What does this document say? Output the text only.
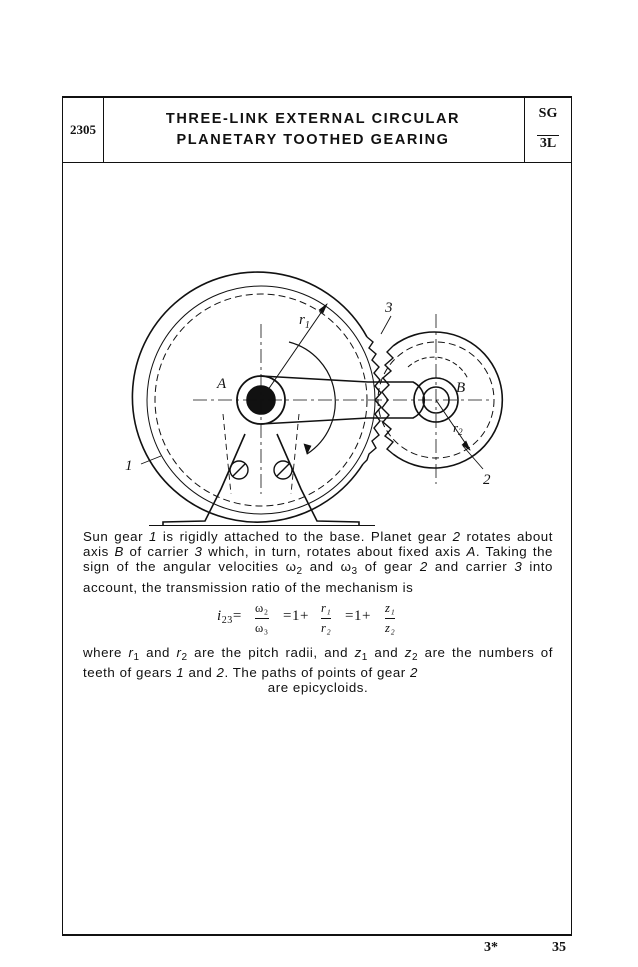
2305
THREE-LINK EXTERNAL CIRCULAR
PLANETARY TOOTHED GEARING
SG
3L
$r_1$
3
A	B
$r_2$
1
2

Sun gear 1 is rigidly attached to the base. Planet gear 2 rotates about axis B of carrier 3 which, in turn, rotates about fixed axis A. Taking the sign of the angular velocities $\omega_2$ and $\omega_3$ of gear 2 and carrier 3 into account, the transmission ratio of the mechanism is

$i_{23}= \omega_2$
ω₃
=1+ r₁
r₂
=1+ z₁
z₂

where $r_1$ and $r_2$ are the pitch radii, and $z_1$ and $z_2$ are the numbers of teeth of gears 1 and 2. The paths of points of gear 2

are epicycloids.

3*	35
